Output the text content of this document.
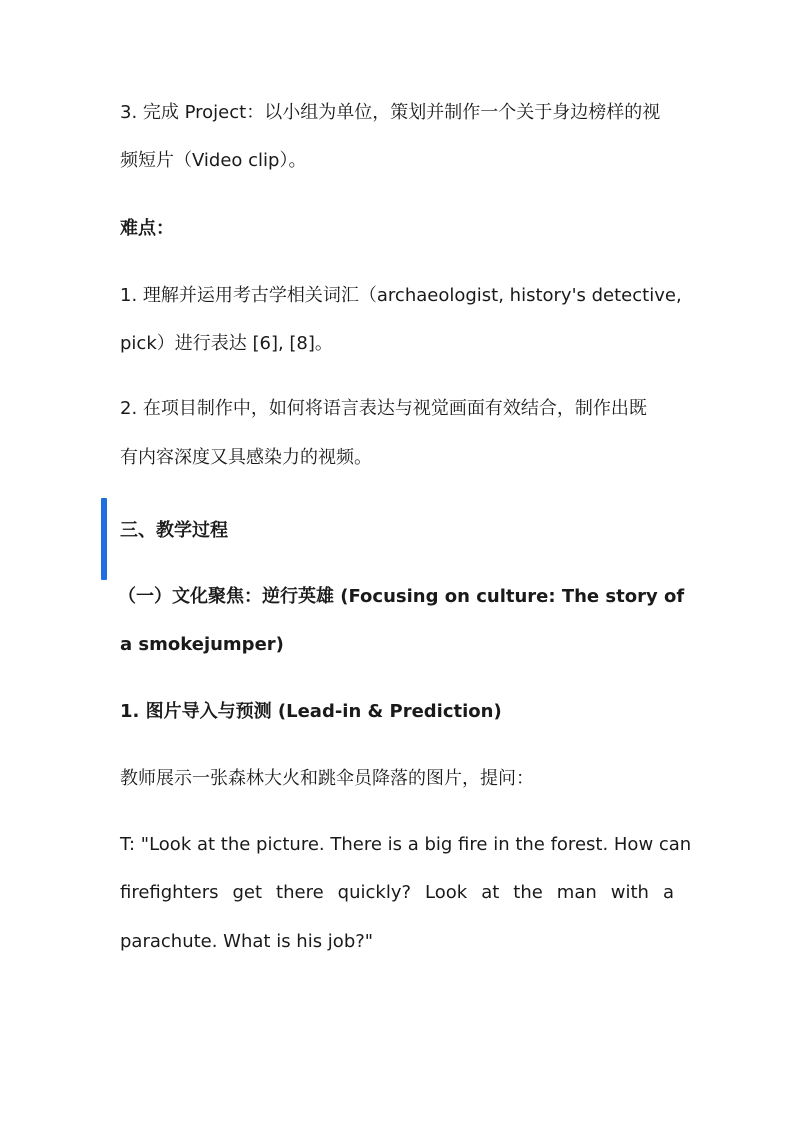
3. 完成 Project：以小组为单位，策划并制作一个关于身边榜样的视
频短片（Video clip）。
难点：
1. 理解并运用考古学相关词汇（archaeologist, history's detective,
pick）进行表达 [6], [8]。
2. 在项目制作中，如何将语言表达与视觉画面有效结合，制作出既
有内容深度又具感染力的视频。
三、教学过程
（一）文化聚焦：逆行英雄 (Focusing on culture: The story of
a smokejumper)
1. 图片导入与预测 (Lead-in & Prediction)
教师展示一张森林大火和跳伞员降落的图片，提问：
T: "Look at the picture. There is a big fire in the forest. How can
firefighters get there quickly? Look at the man with a
parachute. What is his job?"
